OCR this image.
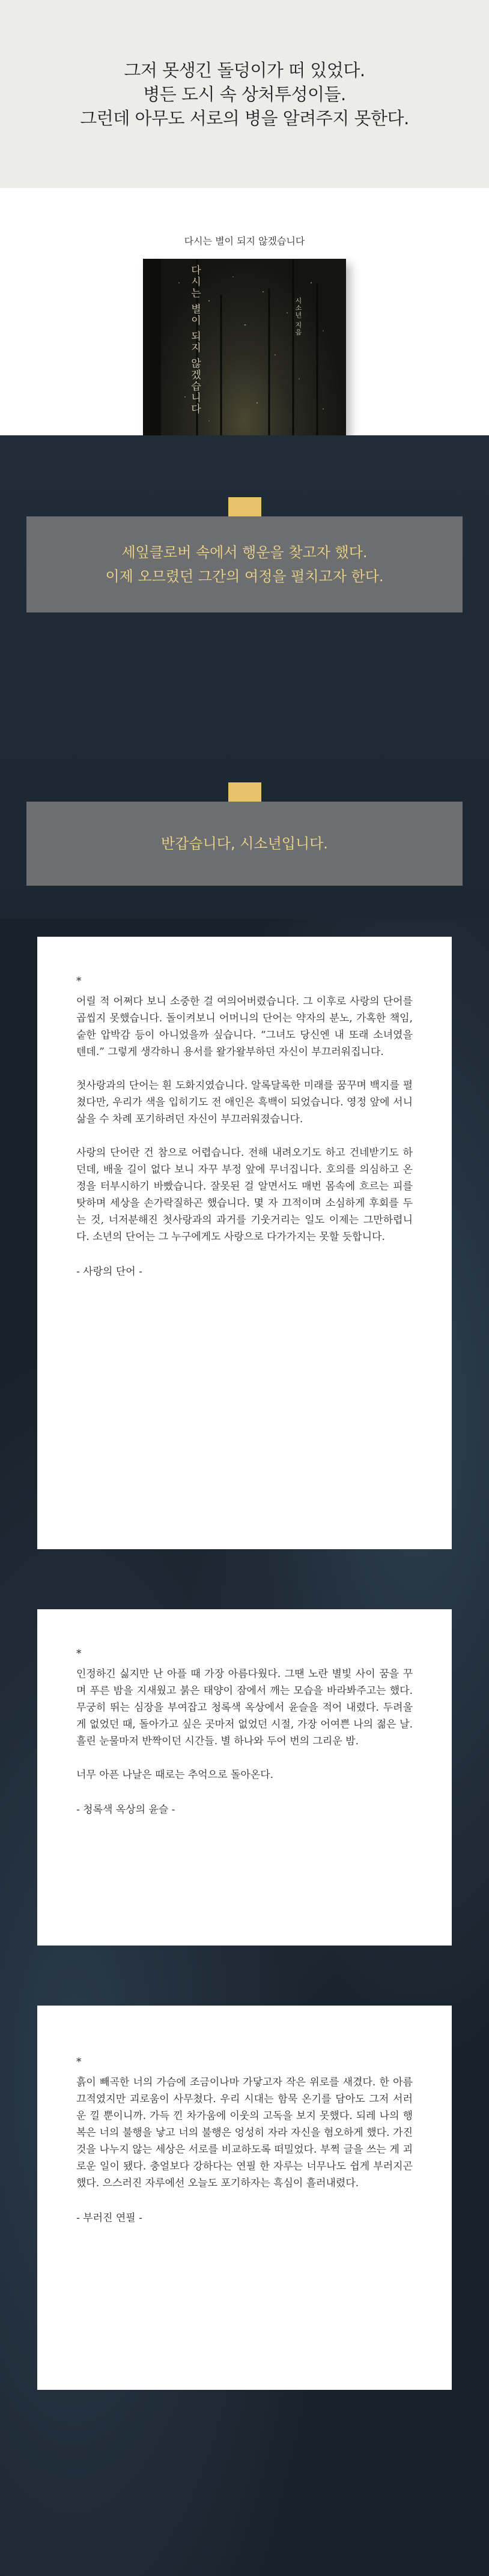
그저 못생긴 돌덩이가 떠 있었다.

병든 도시 속 상처투성이들.

그런데 아무도 서로의 병을 알려주지 못한다.

다시는 별이 되지 않겠습니다
다시는 별이 되지 않겠습니다	시소년 지음

세잎클로버 속에서 행운을 찾고자 했다.

이제 오므렸던 그간의 여정을 펼치고자 한다.

반갑습니다, 시소년입니다.

*

어릴 적 어쩌다 보니 소중한 걸 여의어버렸습니다. 그 이후로 사랑의 단어를 곱씹지 못했습니다. 돌이켜보니 어머니의 단어는 약자의 분노, 가혹한 책임, 숱한 압박감 등이 아니었을까 싶습니다. “그녀도 당신엔 내 또래 소녀였을 텐데.” 그렇게 생각하니 용서를 왈가왈부하던 자신이 부끄러워집니다.

첫사랑과의 단어는 흰 도화지였습니다. 알록달록한 미래를 꿈꾸며 백지를 펼쳤다만, 우리가 색을 입히기도 전 애인은 흑백이 되었습니다. 영정 앞에 서니 삶을 수 차례 포기하려던 자신이 부끄러워졌습니다.

사랑의 단어란 건 참으로 어렵습니다. 전해 내려오기도 하고 건네받기도 하던데, 배울 길이 없다 보니 자꾸 부정 앞에 무너집니다. 호의를 의심하고 온정을 터부시하기 바빴습니다. 잘못된 걸 알면서도 매번 몸속에 흐르는 피를 탓하며 세상을 손가락질하곤 했습니다. 몇 자 끄적이며 소심하게 후회를 두는 것, 너저분해진 첫사랑과의 과거를 기웃거리는 일도 이제는 그만하렵니다. 소년의 단어는 그 누구에게도 사랑으로 다가가지는 못할 듯합니다.

- 사랑의 단어 -
*

인정하긴 싫지만 난 아플 때 가장 아름다웠다. 그땐 노란 별빛 사이 꿈을 꾸며 푸른 밤을 지새웠고 붉은 태양이 잠에서 깨는 모습을 바라봐주고는 했다. 무궁히 뛰는 심장을 부여잡고 청록색 옥상에서 윤슬을 적어 내렸다. 두려울 게 없었던 때, 돌아가고 싶은 곳마저 없었던 시절, 가장 어여쁜 나의 젊은 날. 흘린 눈물마저 반짝이던 시간들. 별 하나와 두어 번의 그리운 밤.

너무 아픈 나날은 때로는 추억으로 돌아온다.

- 청록색 옥상의 윤슬 -
*

흙이 빼곡한 너의 가슴에 조금이나마 가닿고자 작은 위로를 새겼다. 한 아름 끄적였지만 괴로움이 사무쳤다. 우리 시대는 함묵 온기를 담아도 그저 서러운 낄 뿐이니까. 가득 낀 차가움에 이웃의 고독을 보지 못했다. 되레 나의 행복은 너의 불행을 낳고 너의 불행은 엉성히 자라 자신을 혐오하게 했다. 가진 것을 나누지 않는 세상은 서로를 비교하도록 떠밀었다. 부쩍 글을 쓰는 게 괴로운 일이 됐다. 충얼보다 강하다는 연필 한 자루는 너무나도 쉽게 부러지곤 했다. 으스러진 자루에선 오늘도 포기하자는 흑심이 흘러내렸다.

- 부러진 연필 -
